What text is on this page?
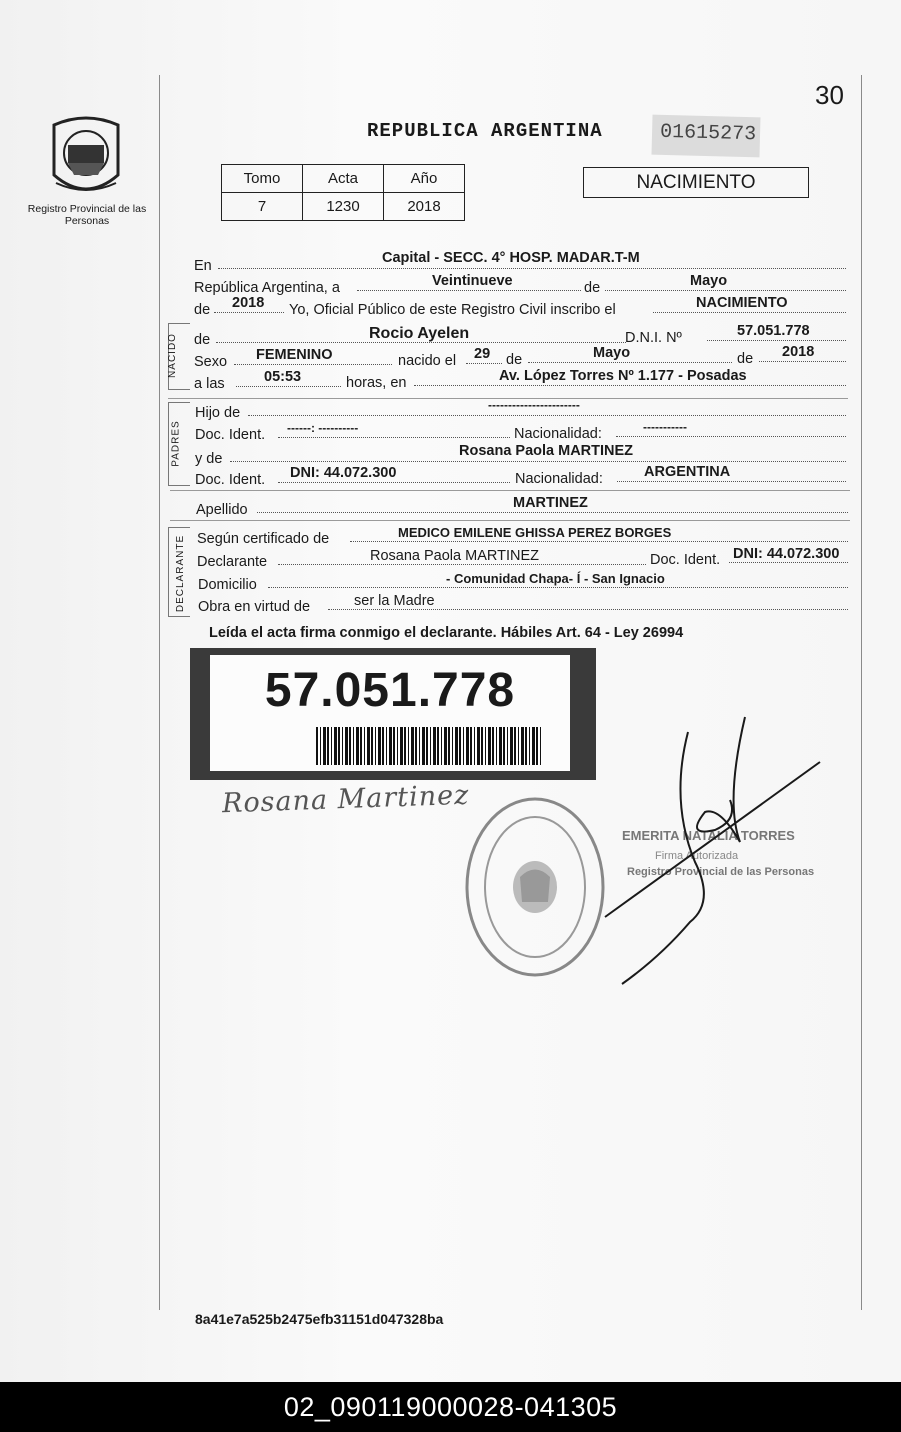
30
Registro Provincial de las Personas
REPUBLICA ARGENTINA	01615273
Tomo	Acta	Año
7	1230	2018
NACIMIENTO
En	Capital - SECC. 4° HOSP. MADAR.T-M
República Argentina, a	Veintinueve	de	Mayo
de 2018 Yo, Oficial Público de este Registro Civil inscribo el	NACIMIENTO
NACIDO de	Rocio Ayelen	D.N.I. Nº	57.051.778
Sexo FEMENINO	nacido el 29 de	Mayo	de 2018
a las	05:53	horas, en	Av. López Torres Nº 1.177 - Posadas
PADRES
Hijo de	-----------------------
Doc. Ident. ------: ----------	Nacionalidad:	-----------
y de	Rosana Paola MARTINEZ
Doc. Ident. DNI: 44.072.300	Nacionalidad:	ARGENTINA
Apellido	MARTINEZ
DECLARANTE Según certificado de	MEDICO EMILENE GHISSA PEREZ BORGES
Declarante	Rosana Paola MARTINEZ	Doc. Ident. DNI: 44.072.300
Domicilio	- Comunidad Chapa- Í - San Ignacio
Obra en virtud de	ser la Madre
Leída el acta firma conmigo el declarante. Hábiles Art. 64 - Ley 26994
57.051.778
Rosana Martinez
EMERITA NATALIA TORRES
Firma Autorizada
Registro Provincial de las Personas
8a41e7a525b2475efb31151d047328ba
02_090119000028-041305
